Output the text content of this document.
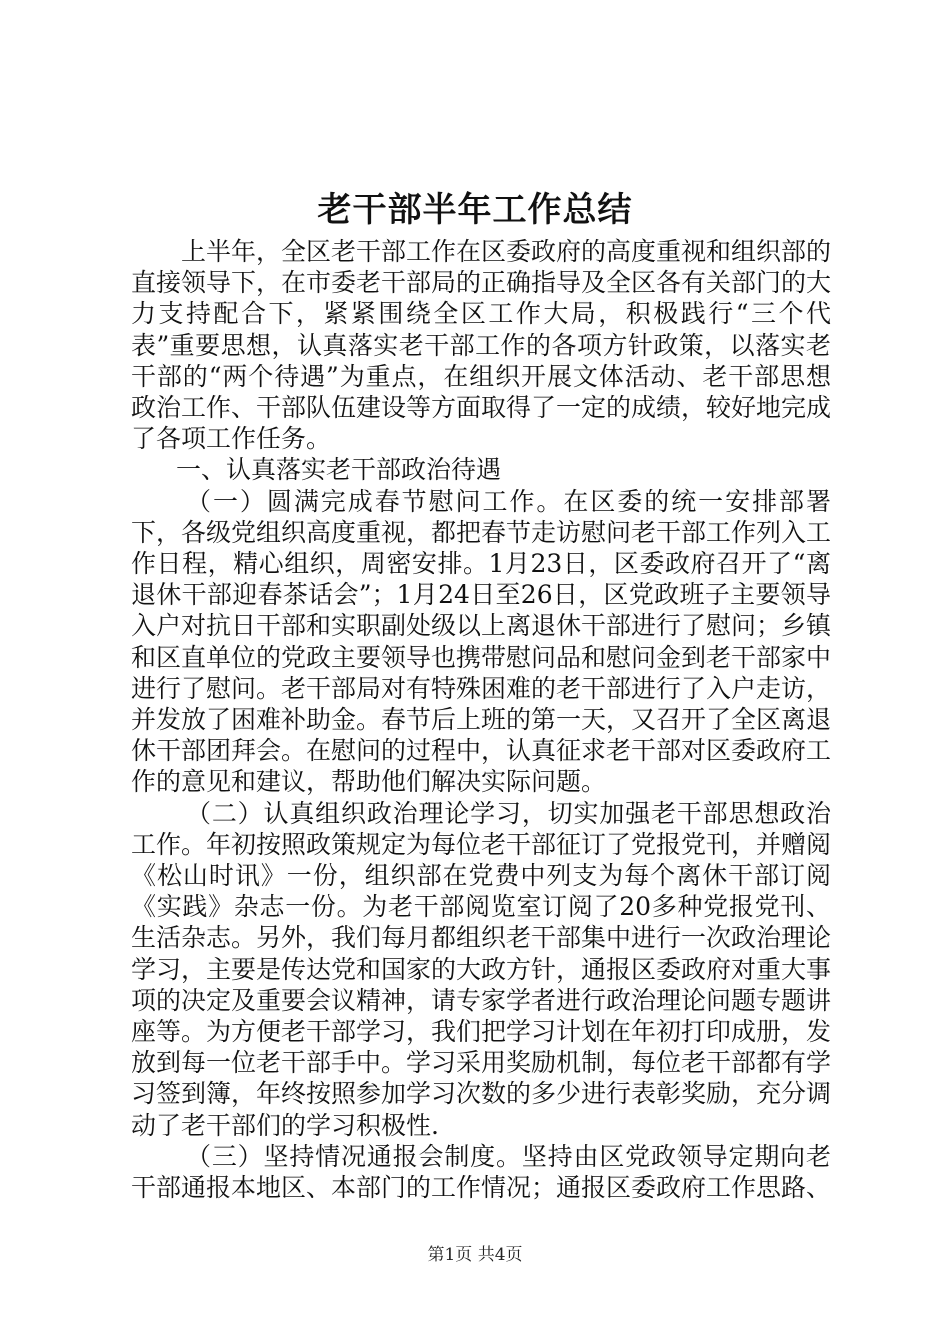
老干部半年工作总结

上半年，全区老干部工作在区委政府的高度重视和组织部的直接领导下，在市委老干部局的正确指导及全区各有关部门的大力支持配合下，紧紧围绕全区工作大局，积极践行“三个代表”重要思想，认真落实老干部工作的各项方针政策，以落实老干部的“两个待遇”为重点，在组织开展文体活动、老干部思想政治工作、干部队伍建设等方面取得了一定的成绩，较好地完成了各项工作任务。

一、认真落实老干部政治待遇

（一）圆满完成春节慰问工作。在区委的统一安排部署下，各级党组织高度重视，都把春节走访慰问老干部工作列入工作日程，精心组织，周密安排。1月23日，区委政府召开了“离退休干部迎春茶话会”；1月24日至26日，区党政班子主要领导入户对抗日干部和实职副处级以上离退休干部进行了慰问；乡镇和区直单位的党政主要领导也携带慰问品和慰问金到老干部家中进行了慰问。老干部局对有特殊困难的老干部进行了入户走访，并发放了困难补助金。春节后上班的第一天，又召开了全区离退休干部团拜会。在慰问的过程中，认真征求老干部对区委政府工作的意见和建议，帮助他们解决实际问题。

（二）认真组织政治理论学习，切实加强老干部思想政治工作。年初按照政策规定为每位老干部征订了党报党刊，并赠阅《松山时讯》一份，组织部在党费中列支为每个离休干部订阅《实践》杂志一份。为老干部阅览室订阅了20多种党报党刊、生活杂志。另外，我们每月都组织老干部集中进行一次政治理论学习，主要是传达党和国家的大政方针，通报区委政府对重大事项的决定及重要会议精神，请专家学者进行政治理论问题专题讲座等。为方便老干部学习，我们把学习计划在年初打印成册，发放到每一位老干部手中。学习采用奖励机制，每位老干部都有学习签到簿，年终按照参加学习次数的多少进行表彰奖励，充分调动了老干部们的学习积极性.

（三）坚持情况通报会制度。坚持由区党政领导定期向老干部通报本地区、本部门的工作情况；通报区委政府工作思路、

第1页 共4页
